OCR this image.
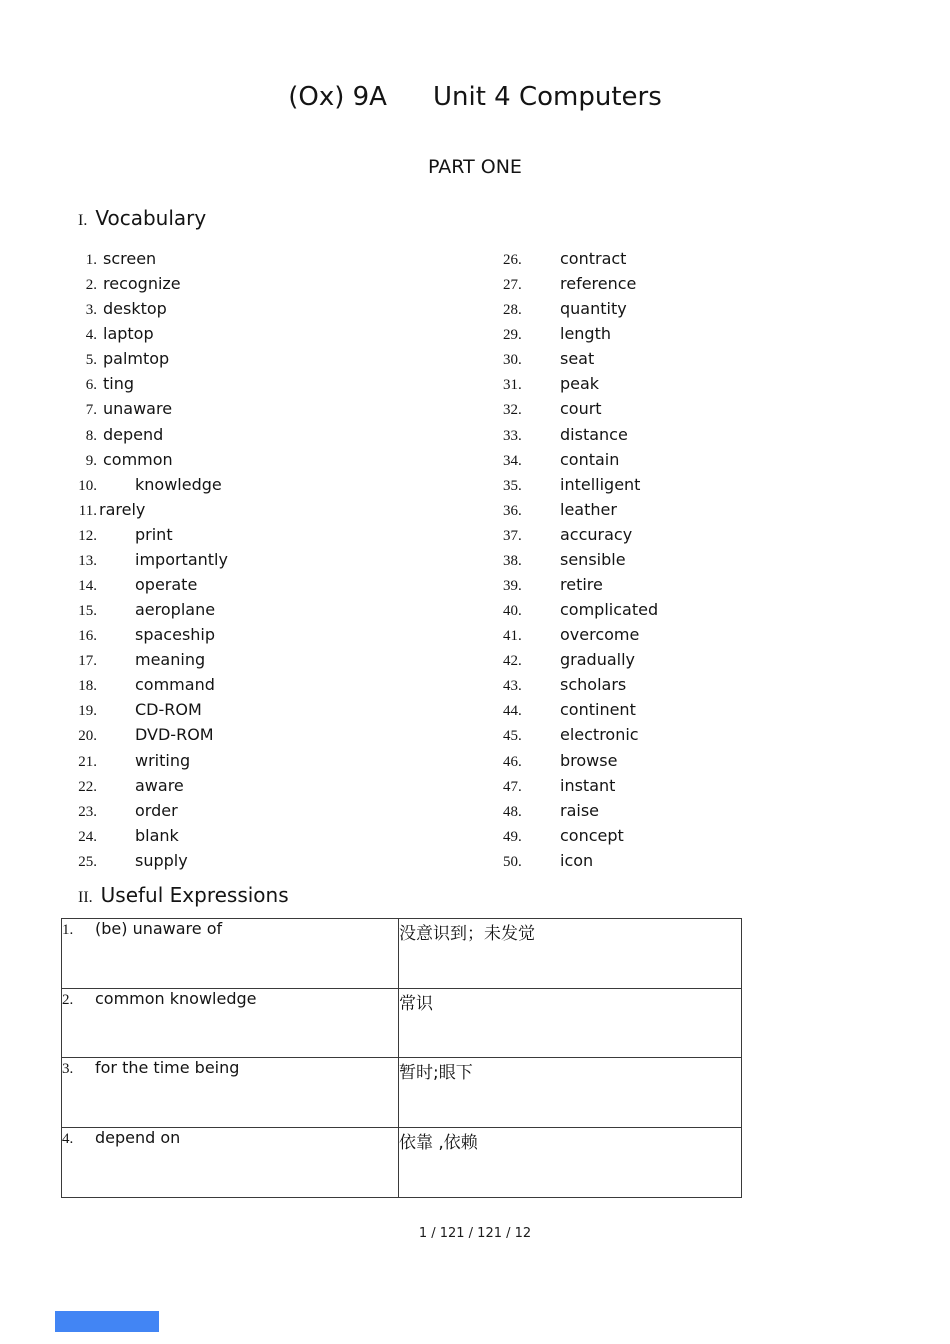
(Ox) 9A Unit 4 Computers
PART ONE
I. Vocabulary
1. screen
2. recognize
3. desktop
4. laptop
5. palmtop
6. ting
7. unaware
8. depend
9. common
10. knowledge
11. rarely
12. print
13. importantly
14. operate
15. aeroplane
16. spaceship
17. meaning
18. command
19. CD-ROM
20. DVD-ROM
21. writing
22. aware
23. order
24. blank
25. supply
26. contract
27. reference
28. quantity
29. length
30. seat
31. peak
32. court
33. distance
34. contain
35. intelligent
36. leather
37. accuracy
38. sensible
39. retire
40. complicated
41. overcome
42. gradually
43. scholars
44. continent
45. electronic
46. browse
47. instant
48. raise
49. concept
50. icon
II. Useful Expressions
1. (be) unaware of	没意识到；未发觉
2. common knowledge	常识
3. for the time being	暂时;眼下
4. depend on	依靠 ,依赖
1 / 121 / 121 / 12
